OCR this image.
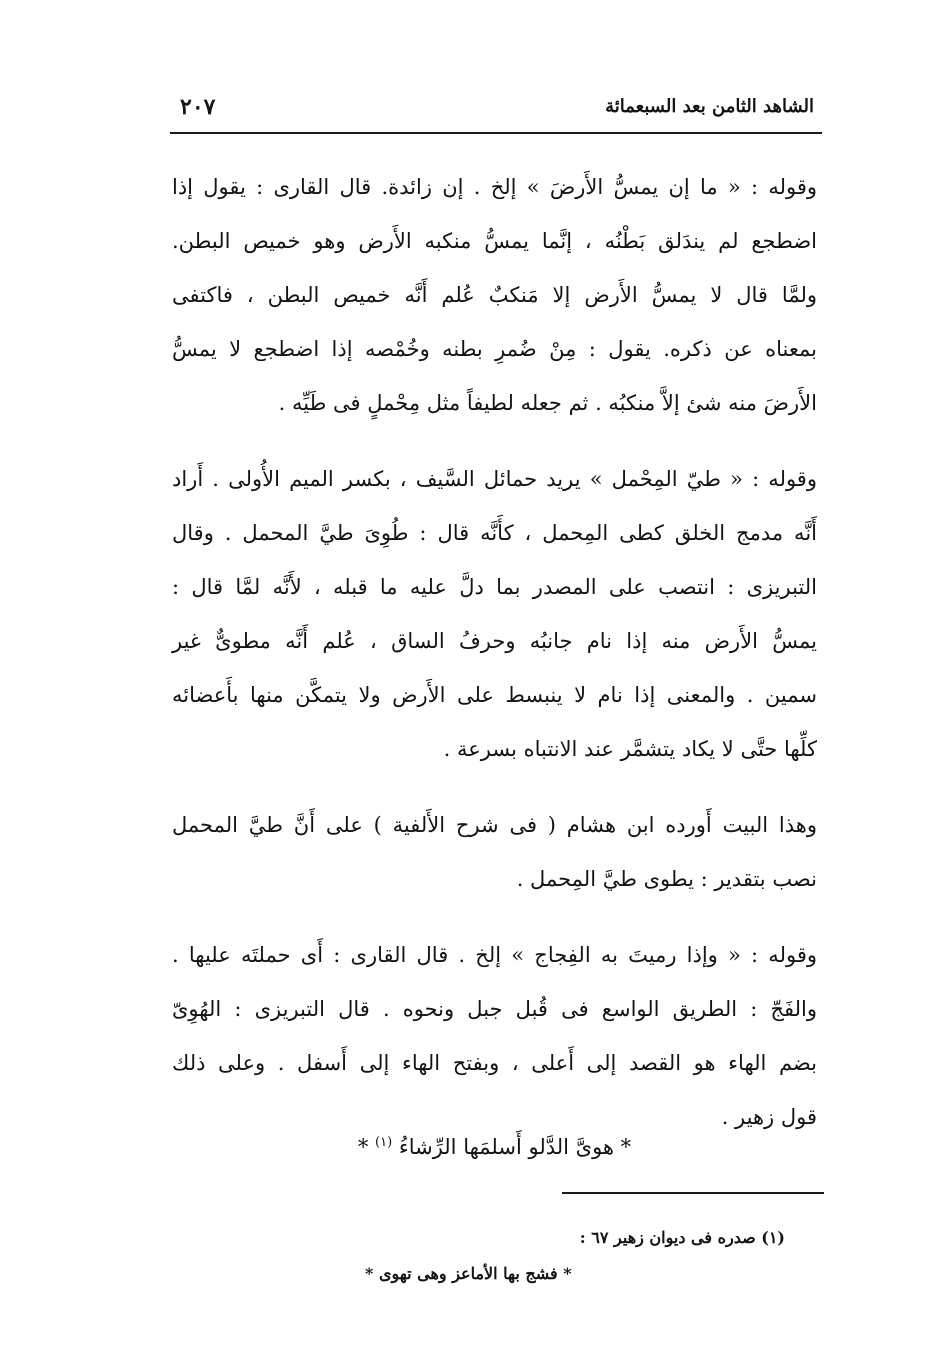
الشاهد الثامن بعد السبعمائة
٢٠٧
وقوله : « ما إن يمسُّ الأَرضَ » إلخ . إن زائدة. قال القارى : يقول إذا
اضطجع لم يندَلق بَطْنُه ، إنَّما يمسُّ منكبه الأَرض وهو خميص البطن.
ولمَّا قال لا يمسُّ الأَرض إلا مَنكبٌ عُلم أَنَّه خميص البطن ، فاكتفى
بمعناه عن ذكره. يقول : مِنْ ضُمرِ بطنه وخُمْصه إذا اضطجع لا يمسُّ
الأَرضَ منه شئ إلاَّ منكبُه . ثم جعله لطيفاً مثل مِحْملٍ فى طَيِّه .
وقوله : « طيّ المِحْمل » يريد حمائل السَّيف ، بكسر الميم الأُولى . أَراد
أَنَّه مدمج الخلق كطى المِحمل ، كأَنَّه قال : طُوِىَ طيَّ المحمل . وقال
التبريزى : انتصب على المصدر بما دلَّ عليه ما قبله ، لأَنَّه لمَّا قال :
يمسُّ الأَرض منه إذا نام جانبُه وحرفُ الساق ، عُلم أَنَّه مطوىٌّ غير
سمين . والمعنى إذا نام لا ينبسط على الأَرض ولا يتمكَّن منها بأَعضائه
كلِّها حتَّى لا يكاد يتشمَّر عند الانتباه بسرعة .
وهذا البيت أَورده ابن هشام ( فى شرح الأَلفية ) على أَنَّ طيَّ المحمل
نصب بتقدير : يطوى طيَّ المِحمل .
وقوله : « وإذا رميتَ به الفِجاج » إلخ . قال القارى : أَى حملتَه عليها .
والفَجّ : الطريق الواسع فى قُبل جبل ونحوه . قال التبريزى : الهُوِىّ
بضم الهاء هو القصد إلى أَعلى ، وبفتح الهاء إلى أَسفل . وعلى ذلك
قول زهير .
* هوىَّ الدَّلو أَسلمَها الرِّشاءُ $^{(١)}$ *
(١) صدره فى ديوان زهير ٦٧ :
* فشج بها الأماعز وهى تهوى *
